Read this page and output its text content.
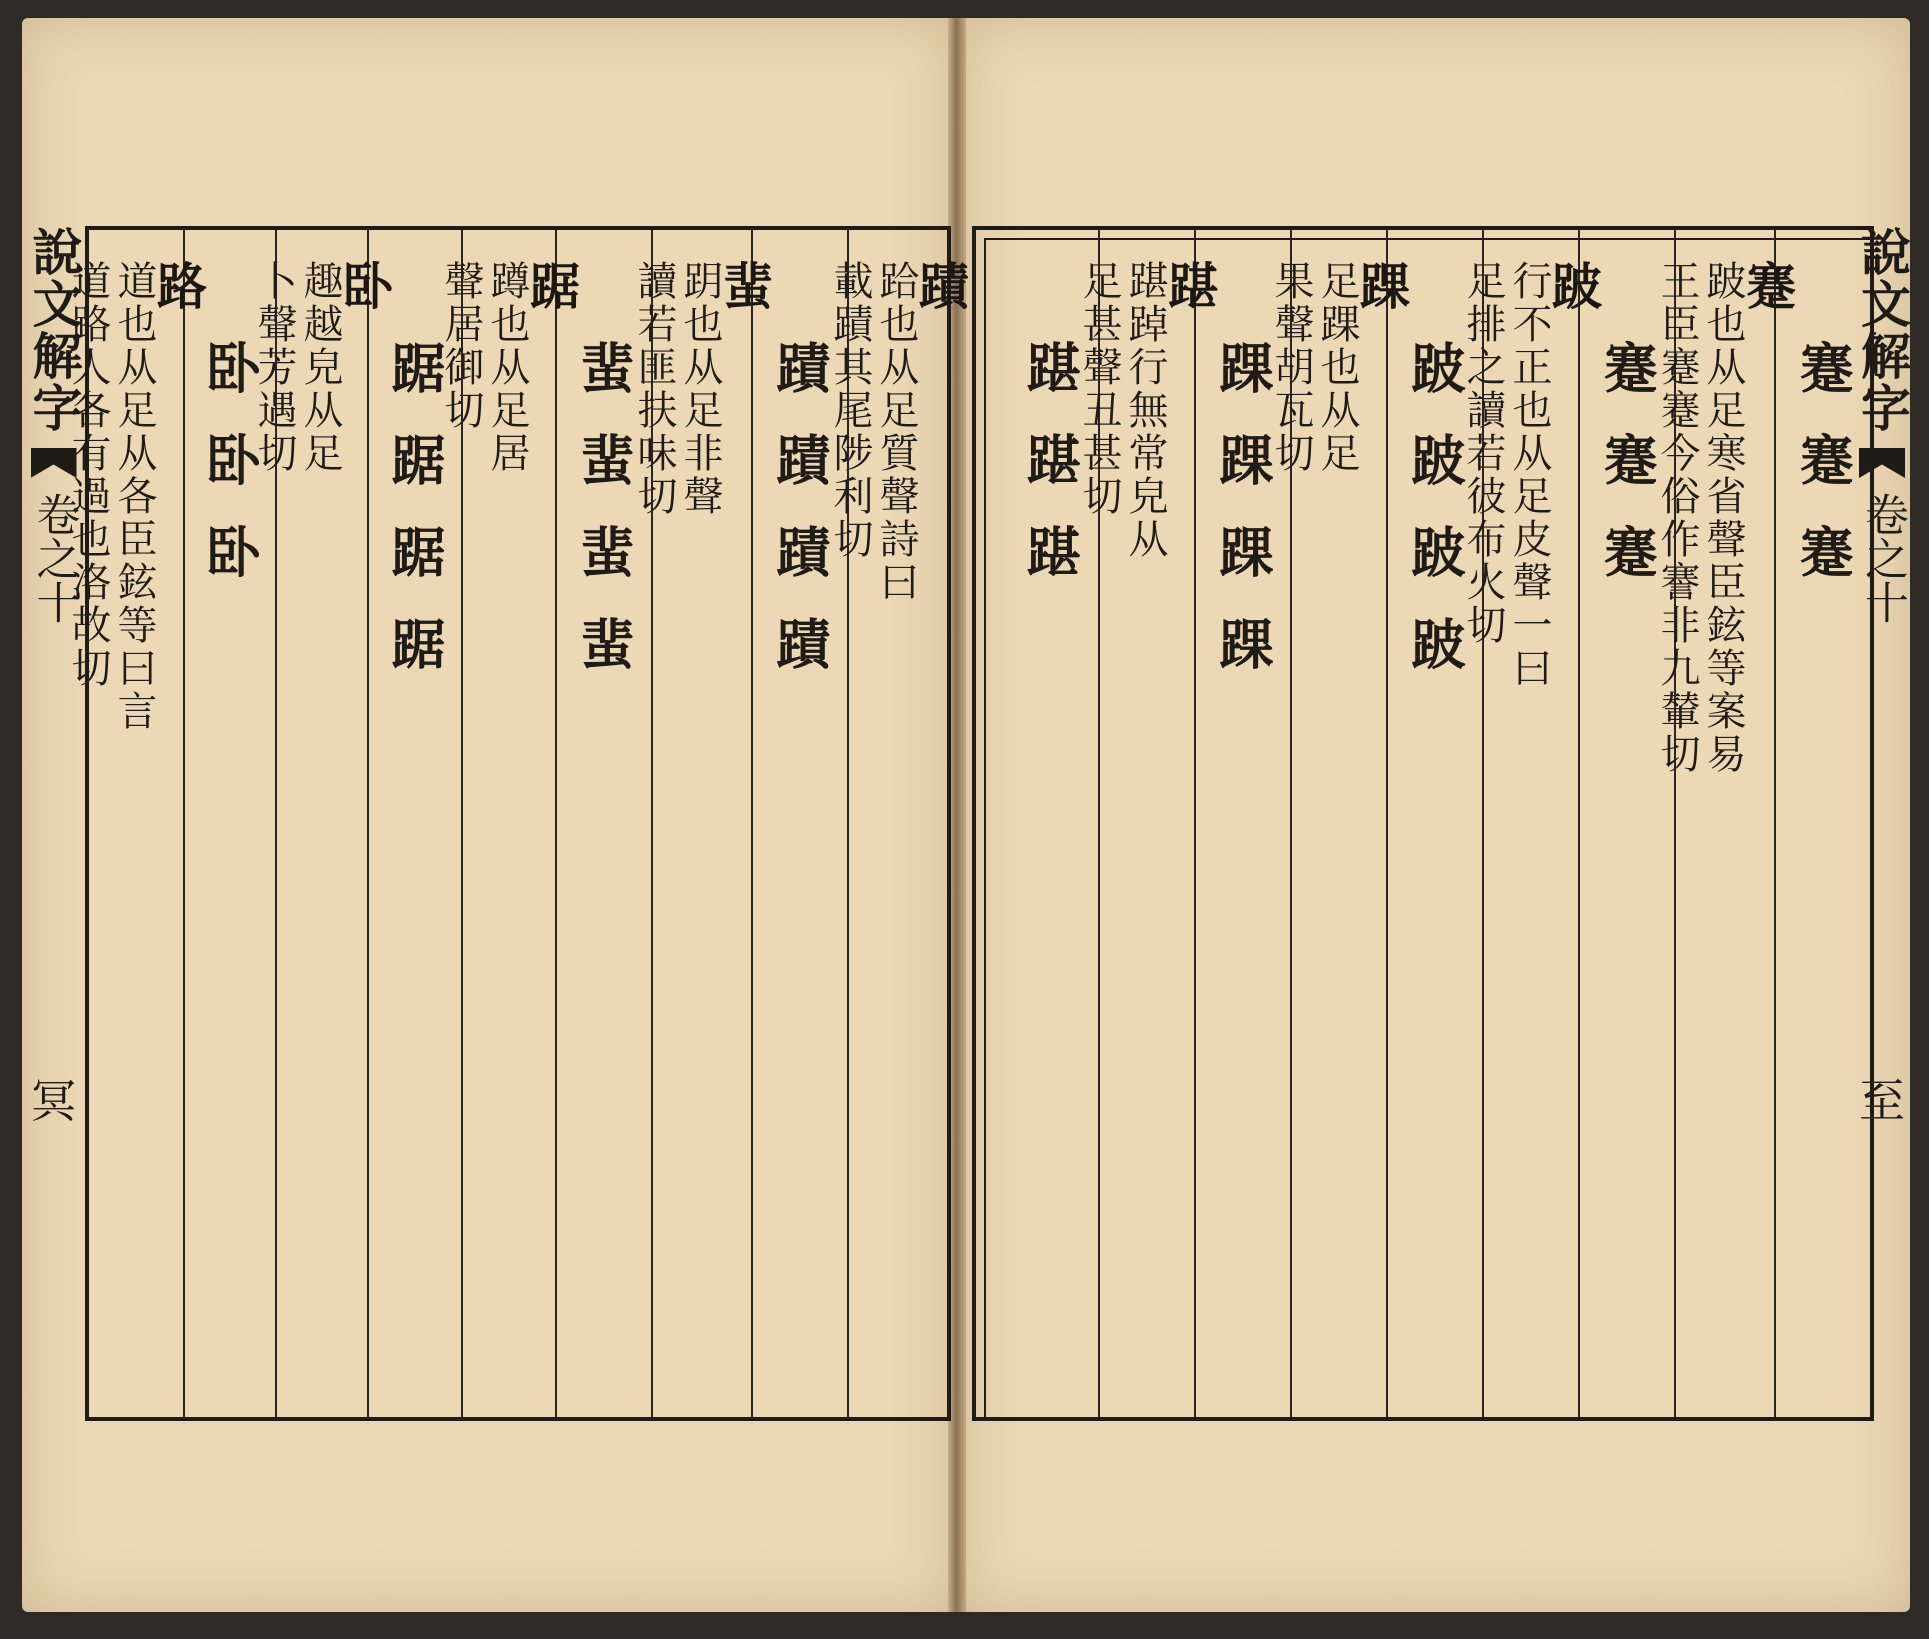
說文解字
卷之十
冥
蹟
跲也从足質聲詩曰
載蹟其尾陟利切
蹟蹟蹟蹟
蜚
跀也从足非聲
讀若匪扶味切
蜚蜚蜚蜚
踞
蹲也从足居
聲居御切
踞踞踞踞
卧
趣越皃从足
卜聲芳遇切
卧卧卧
路
道也从足从各臣鉉等曰言
道路人各有過也洛故切	蹇蹇蹇
蹇
跛也从足寒省聲臣鉉等案易
王臣蹇蹇今俗作謇非九輦切
蹇蹇蹇
跛
行不正也从足皮聲一曰
足排之讀若彼布火切
跛跛跛跛
踝
足踝也从足
果聲胡瓦切
踝踝踝踝
踸
踸踔行無常皃从
足甚聲丑甚切
踸踸踸
說文解字
卷之十
至
